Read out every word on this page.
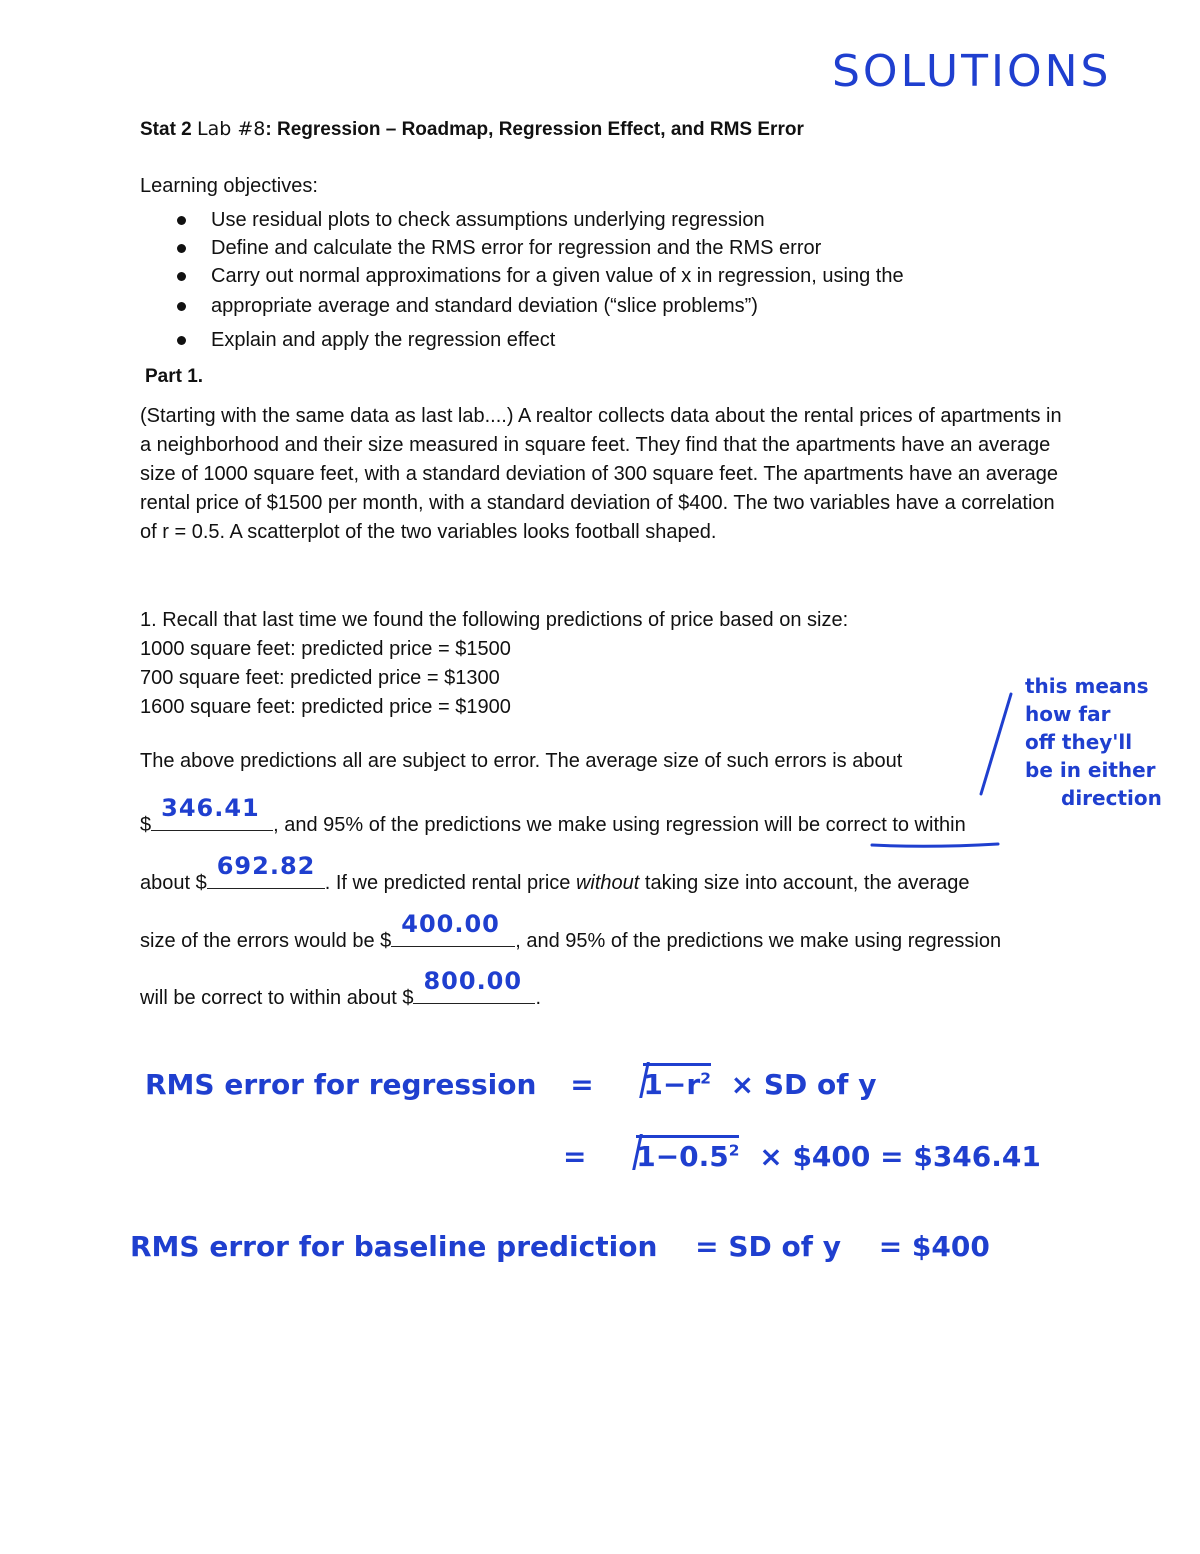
SOLUTIONS
Stat 2 Lab #8: Regression – Roadmap, Regression Effect, and RMS Error
Learning objectives:
Use residual plots to check assumptions underlying regression
Define and calculate the RMS error for regression and the RMS error
Carry out normal approximations for a given value of x in regression, using the
appropriate average and standard deviation (“slice problems”)
Explain and apply the regression effect
Part 1.

(Starting with the same data as last lab....) A realtor collects data about the rental prices of apartments in a neighborhood and their size measured in square feet. They find that the apartments have an average size of 1000 square feet, with a standard deviation of 300 square feet. The apartments have an average rental price of $1500 per month, with a standard deviation of $400. The two variables have a correlation of r = 0.5. A scatterplot of the two variables looks football shaped.

1. Recall that last time we found the following predictions of price based on size:
1000 square feet: predicted price = $1500
700 square feet: predicted price = $1300
1600 square feet: predicted price = $1900
The above predictions all are subject to error. The average size of such errors is about
$
346.41
, and 95% of the predictions we make using regression will be correct to within
about $
692.82
. If we predicted rental price without taking size into account, the average
size of the errors would be $
400.00
, and 95% of the predictions we make using regression
will be correct to within about $
800.00
.
this means
how far
off they'll
be in either
direction
RMS error for regression = $1-r^2$ × SD of y
= $1-0.5^2$ × $400 = $346.41
RMS error for baseline prediction = SD of y = $400
